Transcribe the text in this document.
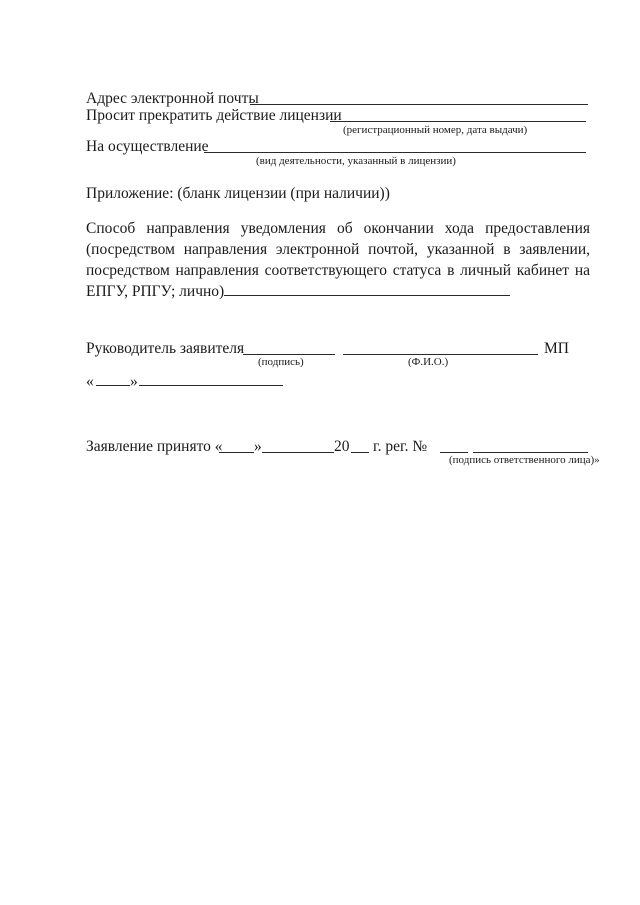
Адрес электронной почты
Просит прекратить действие лицензии
(регистрационный номер, дата выдачи)
На осуществление
(вид деятельности, указанный в лицензии)
Приложение: (бланк лицензии (при наличии))
Способ направления уведомления об окончании хода предоставления (посредством направления электронной почтой, указанной в заявлении, посредством направления соответствующего статуса в личный кабинет на ЕПГУ, РПГУ; лично)
Руководитель заявителя	МП
(подпись)	(Ф.И.О.)
« »
Заявление принято « »	20 г. рег. №
(подпись ответственного лица)»
